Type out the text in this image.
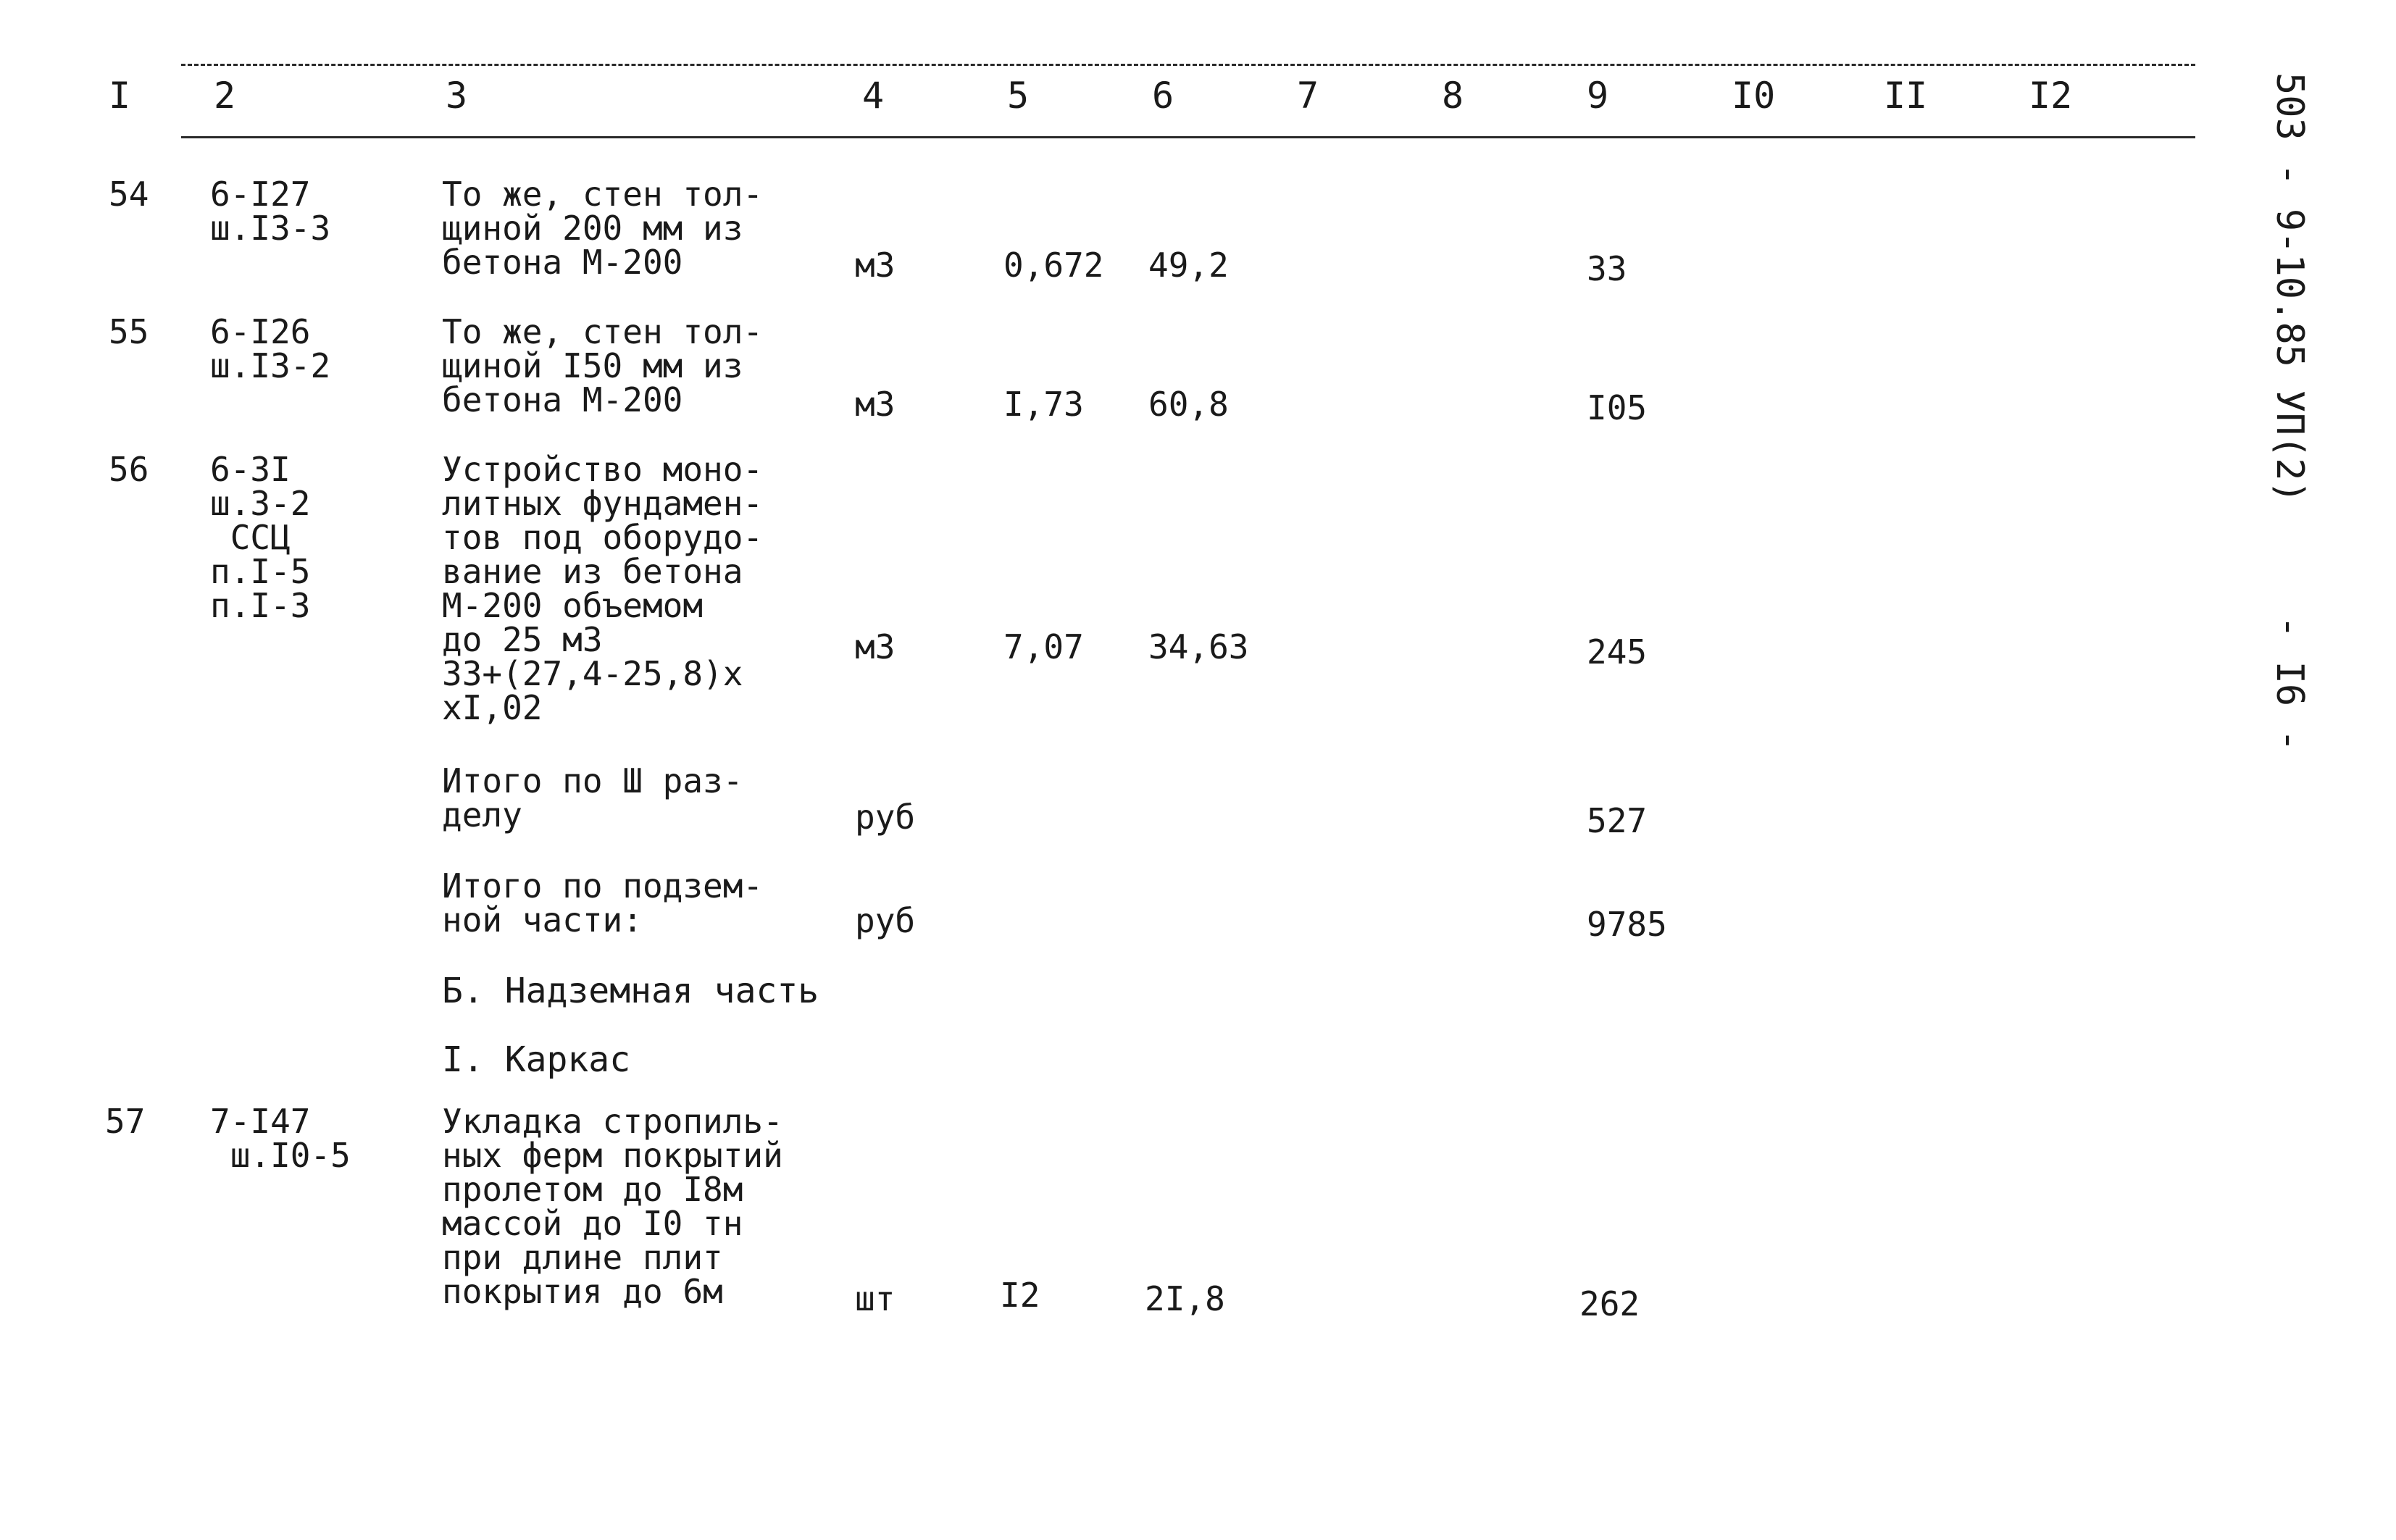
I 2	3	4	5	6	7	8	9	I0	II	I2
54 6-I27
ш.I3-3
То же, стен тол-
щиной 200 мм из
бетона М-200	м3	0,672 49,2	33
55 6-I26
ш.I3-2
То же, стен тол-
щиной I50 мм из
бетона М-200	м3	I,73 60,8	I05
56 6-3I
ш.3-2
ССЦ
п.I-5
п.I-3
Устройство моно-
литных фундамен-
тов под оборудо-
вание из бетона
М-200 объемом
до 25 м3
33+(27,4-25,8)х
хI,02
м3	7,07 34,63	245
Итого по Ш раз-
делу	руб	527
Итого по подзем-
ной части:	руб	9785
Б. Надземная часть
I. Каркас
57 7-I47
ш.I0-5
Укладка стропиль-
ных ферм покрытий
пролетом до I8м
массой до I0 тн
при длине плит
покрытия до 6м	шт	I2	2I,8	262
503 - 9-10.85 УП(2)
- I6 -
